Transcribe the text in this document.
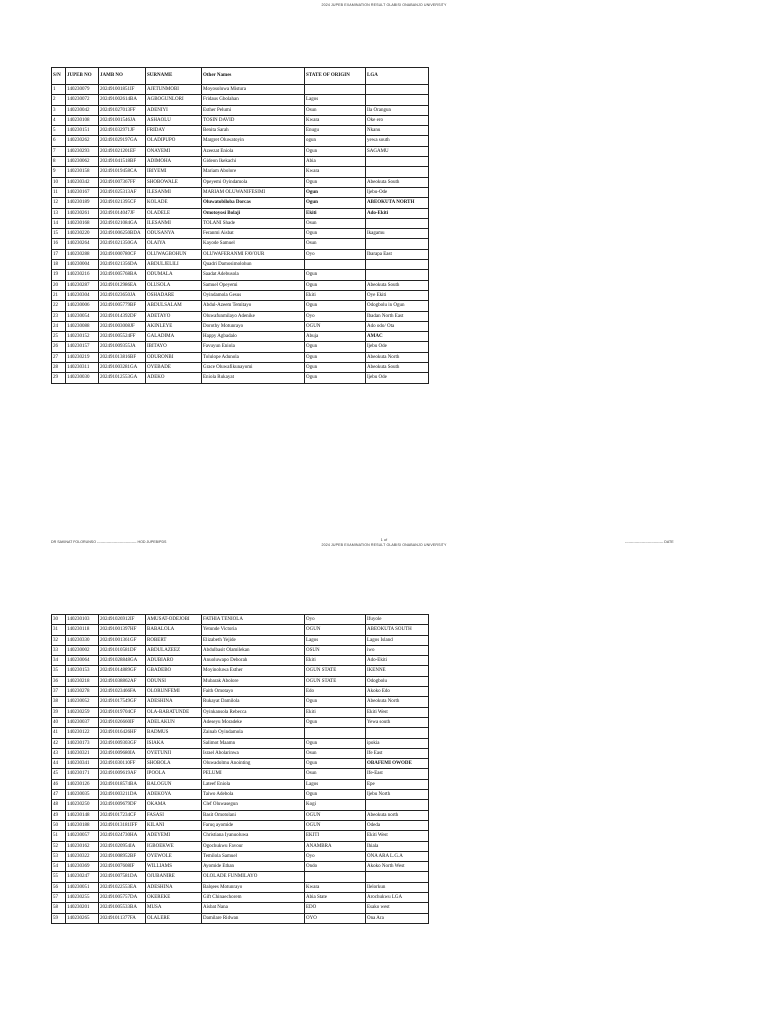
2024 JUPEB EXAMINATION RESULT OLABISI ONABANJO UNIVERSITY
S/N	JUPEB NO	JAMB NO	SURNAME	Other Names	STATE OF ORIGIN	LGA
1	140230079	202491001851IF	AJETUNMOBI	Moyosoluwa Mistura		
2	140230072	202491002614BA	AGBOGUNLORI	Fridaus Gbolahan	Lagos	
3	140230042	202491027013FF	ADENIYI	Esther Pelumi	Osun	Ila Orangun
4	140230108	202491001546JA	ASHAOLU	TOSIN DAVID	Kwara	Oke ero
5	140230151	202491032971JF	FRIDAY	Benita Sarah	Enugu	Nkanu
6	140230262	202491029197GA	OLADIPUPO	Margret Oluwatoyin	ogun	yewa south
7	140230293	202491021201EF	ONAYEMI	Azeezat Eniola	Ogun	SAGAMU
8	140230062	202491041518BF	ADIMOHA	Gideon Ikekachi	Abia	
9	140230158	202491019458CA	IBIYEMI	Mariam Abolore	Kwara	
10	140230342	202491007367FF	SHOBOWALE	Opeyemi Oyindamola	Ogun	Abeokuta South
11	140230167	202491025313AF	ILESANMI	MARIAM OLUWANIFESIMI	Ogun	Ijebu-Ode
12	140230189	202491021395CF	KOLADE	Oluwatobiloba Dorcas	Ogun	ABEOKUTA NORTH
13	140230261	202491014047JF	OLADELE	Omotoyosi Bolaji	Ekiti	Ado-Ekiti
14	140230168	202491021084GA	ILESANMI	TOLANI Shade	Osun	
15	140230220	202491006250BDA	ODUSANYA	Feranmi Aisbat	Ogun	Ikagamu
16	140230264	202491021350GA	OLAIYA	Kayode Samuel	Osun	
17	140230288	202491000780CF	OLUWAGBOHUN	OLUWAFERANMI FAVOUR	Oyo	Ibarapa East
18	140230004	202491021356DA	ABDULJELILI	Quadri Damosimolohun		
19	140230216	202491005768BA	ODUMALA	Saadat Adebusola	Ogun	
20	140230287	202491012986EA	OLUSOLA	Samuel Opeyemi	Ogun	Abeokuta South
21	140230304	202491023650JA	OSHADARE	Oyindamola Gesus	Ekiti	Oye Ekiti
22	140230006	202491005779BF	ABDULSALAM	Abdul-Azeem Temitayo	Ogun	Odogbolu in Ogun
23	140230054	202491014392DF	ADETAYO	Oluwafunmilayo Adenike	Oyo	Ibadan North East
24	140230088	202491003008JF	AKINLEYE	Dorothy Motunrayo	OGUN	Ado odo/ Ota
25	140230152	202491005524FF	GALADIMA	Happy Agbadalo	Abuja	AMAC
26	140230157	202491009355JA	IBITAYO	Favuyun Eniola	Ogun	Ijebu Ode
27	140230219	202491013816BF	ODURONBI	Tolulope Adunola	Ogun	Abeokuta North
28	140230311	202491003281GA	OYEBADE	Grace Oluwafikunayomi	Ogun	Abeokuta South
29	140230030	202491012553GA	ADEKO	Eniola Rukayat	Ogun	Ijebu Ode
DR SAKINAT FOLORUNSO --------------------------------- HOD JUPEB/PDS	1 of
2024 JUPEB EXAMINATION RESULT OLABISI ONABANJO UNIVERSITY
-------------------------------- DATE
30	140230103	202491026912IF	AMUSAT-ODEJOBI	FATHIA TENIOLA	Oyo	Ifuyole
31	140230118	202491001397HF	BABALOLA	Yetunde Victoria	OGUN	ABEOKUTA SOUTH
32	140230330	202491001361GF	ROBERT	Elizabeth Yejide	Lagos	Lagos Island
33	140230002	202491010581DF	ABDULAZEEZ	Abdulbasit Olamilekan	OSUN	iwo
34	140230064	202491028848GA	ADUBIARO	Anuoluwapo Deborah	Ekiti	Ado-Ekiti
35	140230153	202491014889GF	GBADEBO	Moyinoluwa Esther	OGUN STATE	IKENNE
36	140230218	202491038862AF	ODUNSI	Mubarak Abolore	OGUN STATE	Odogbolu
37	140230278	202491023466FA	OLORUNFEMI	Faith Omotayo	Edo	Akoko Edo
38	140230052	202491017549GF	ADESHINA	Rukayat Damilola	Ogun	Abeokuta North
39	140230259	202491019704CF	OLA-BABATUNDE	Oyinkansola Rebecca	Ekiti	Ekiti West
40	140230037	202491026660IF	ADELAKUN	Adeseyu Moradeke	Ogun	Yewa south
41	140230122	202491016426HF	BADMUS	Zainab Oyindamola		
42	140230173	202491009303GF	ISIAKA	Salimot Maamn	Ogun	ipokia
43	140230321	202491009680IA	OYETUNJI	Israel Abolarinwa	Osun	Ife East
44	140230341	202491030110FF	SHOBOLA	Oluwadolmu Anointing	Ogun	OBAFEMI OWODE
45	140230171	202491009619AF	IPOOLA	PELUMI	Osun	Ife-East
46	140230126	202491018574BA	BALOGUN	Lateef Eniola	Lagos	Epe
47	140230035	202491003211DA	ADEKOYA	Taiwo Adebola	Ogun	Ijebu North
48	140230250	202491009679DF	OKAMA	Clef Oluwasegun	Kogi	
49	140230148	202491017234CF	FASASI	Basit Omotolani	OGUN	Abeokuta north
50	140230188	202491013181IFF	KILANI	Faruq ayomide	OGUN	Odeda
51	140230057	202491024730HA	ADEYEMI	Christiana Iyanuoluwa	EKITI	Ekiti West
52	140230162	202491020954IA	IGBOEKWE	Ogochukwu Favour	ANAMBRA	Ihiala
53	140230322	202491008952BF	OYEWOLE	Temilola Samuel	Oyo	ONA ARA L.G.A
54	140230369	202491007608IF	WILLIAMS	Ayomide Ethan	Ondo	Akoko North West
55	140230247	202491007581DA	OJUBANIRE	OLOLADE FUNMILAYO		
56	140230051	202491022553EA	ADESHINA	Balqees Motunrayo	Kwara	Ilelorkun
57	140230255	202491005757DA	OKEREKE	Gift Chinaechorem	Abia State	Arochukwu LGA
58	140230201	202491005533BA	MUSA	Aisbat Nana	EDO	Esako west
59	140230265	202491011377FA	OLALERE	Damilare Ridwan	OYO	Ona Ara
